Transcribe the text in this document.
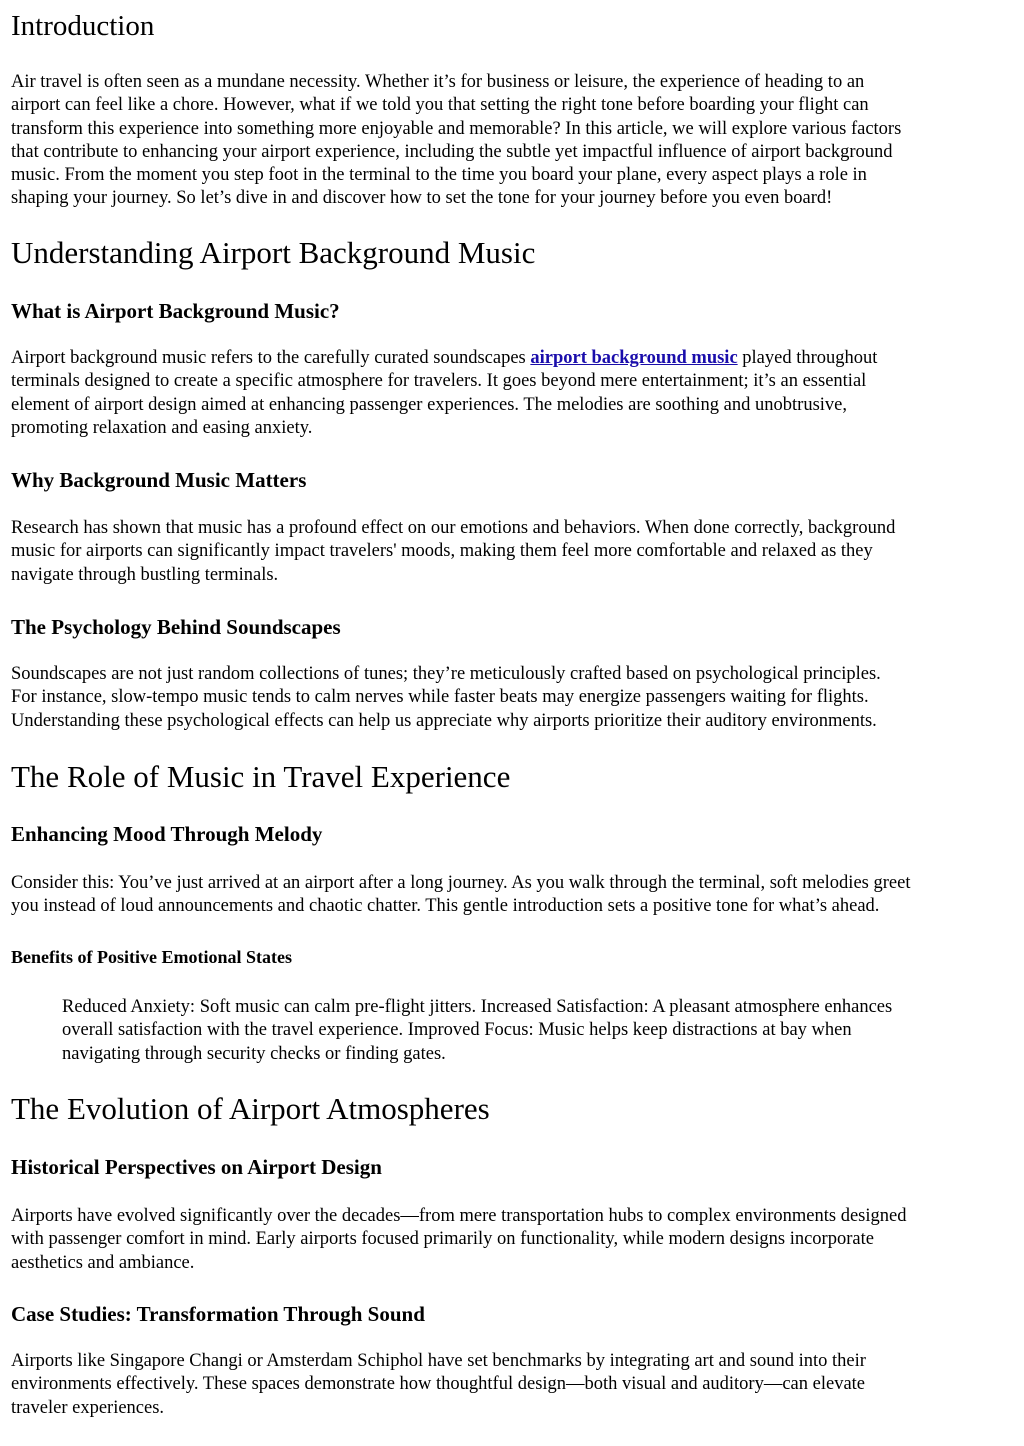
Introduction

Air travel is often seen as a mundane necessity. Whether it’s for business or leisure, the experience of heading to an
airport can feel like a chore. However, what if we told you that setting the right tone before boarding your flight can
transform this experience into something more enjoyable and memorable? In this article, we will explore various factors
that contribute to enhancing your airport experience, including the subtle yet impactful influence of airport background
music. From the moment you step foot in the terminal to the time you board your plane, every aspect plays a role in
shaping your journey. So let’s dive in and discover how to set the tone for your journey before you even board!

Understanding Airport Background Music
What is Airport Background Music?

Airport background music refers to the carefully curated soundscapes airport background music played throughout
terminals designed to create a specific atmosphere for travelers. It goes beyond mere entertainment; it’s an essential
element of airport design aimed at enhancing passenger experiences. The melodies are soothing and unobtrusive,
promoting relaxation and easing anxiety.

Why Background Music Matters

Research has shown that music has a profound effect on our emotions and behaviors. When done correctly, background
music for airports can significantly impact travelers' moods, making them feel more comfortable and relaxed as they
navigate through bustling terminals.

The Psychology Behind Soundscapes

Soundscapes are not just random collections of tunes; they’re meticulously crafted based on psychological principles.
For instance, slow-tempo music tends to calm nerves while faster beats may energize passengers waiting for flights.
Understanding these psychological effects can help us appreciate why airports prioritize their auditory environments.

The Role of Music in Travel Experience
Enhancing Mood Through Melody

Consider this: You’ve just arrived at an airport after a long journey. As you walk through the terminal, soft melodies greet
you instead of loud announcements and chaotic chatter. This gentle introduction sets a positive tone for what’s ahead.

Benefits of Positive Emotional States
Reduced Anxiety: Soft music can calm pre-flight jitters. Increased Satisfaction: A pleasant atmosphere enhances
overall satisfaction with the travel experience. Improved Focus: Music helps keep distractions at bay when
navigating through security checks or finding gates.
The Evolution of Airport Atmospheres
Historical Perspectives on Airport Design

Airports have evolved significantly over the decades—from mere transportation hubs to complex environments designed
with passenger comfort in mind. Early airports focused primarily on functionality, while modern designs incorporate
aesthetics and ambiance.

Case Studies: Transformation Through Sound

Airports like Singapore Changi or Amsterdam Schiphol have set benchmarks by integrating art and sound into their
environments effectively. These spaces demonstrate how thoughtful design—both visual and auditory—can elevate
traveler experiences.
